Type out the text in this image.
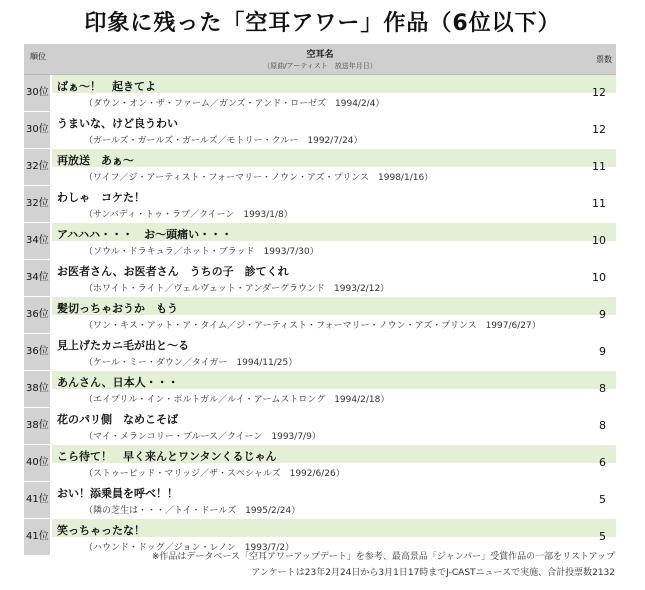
印象に残った「空耳アワー」作品（6位以下）
順位	空耳名
（原曲/アーティスト　放送年月日）
票数
30位 ばぁ～！　起きてよ
（ダウン・オン・ザ・ファーム／ガンズ・アンド・ローゼズ　1994/2/4）
12
30位 うまいな、けど良うわい
（ガールズ・ガールズ・ガールズ／モトリー・クルー　1992/7/24）
12
32位 再放送　あぁ～
（ワイフ／ジ・アーティスト・フォーマリー・ノウン・アズ・プリンス　1998/1/16）
11
32位 わしゃ　コケた！
（サンバディ・トゥ・ラブ／クイーン　1993/1/8）
11
34位 アハハハ・・・　お～頭痛い・・・
（ソウル・ドラキュラ／ホット・ブラッド　1993/7/30）
10
34位 お医者さん、お医者さん　うちの子　診てくれ
（ホワイト・ライト／ヴェルヴェット・アンダーグラウンド　1993/2/12）
10
36位 髪切っちゃおうか　もう
（ワン・キス・アット・ア・タイム／ジ・アーティスト・フォーマリー・ノウン・アズ・プリンス　1997/6/27）
9
36位 見上げたカニ毛が出と～る
（ケール・ミー・ダウン／タイガー　1994/11/25）
9
38位 あんさん、日本人・・・
（エイプリル・イン・ポルトガル／ルイ・アームストロング　1994/2/18）
8
38位 花のパリ側　なめこそば
（マイ・メランコリー・ブルース／クイーン　1993/7/9）
8
40位 こら待て！　早く来んとワンタンくるじゃん
（ストゥーピッド・マリッジ／ザ・スペシャルズ　1992/6/26）
6
41位 おい！添乗員を呼べ！！
（隣の芝生は・・・／トイ・ドールズ　1995/2/24）
5
41位 笑っちゃったな！
（ハウンド・ドッグ／ジョン・レノン　1993/7/2）
5
※作品はデータベース「空耳アワーアップデート」を参考、最高景品「ジャンパー」受賞作品の一部をリストアップ
アンケートは23年2月24日から3月1日17時までJ-CASTニュースで実施、合計投票数2132
